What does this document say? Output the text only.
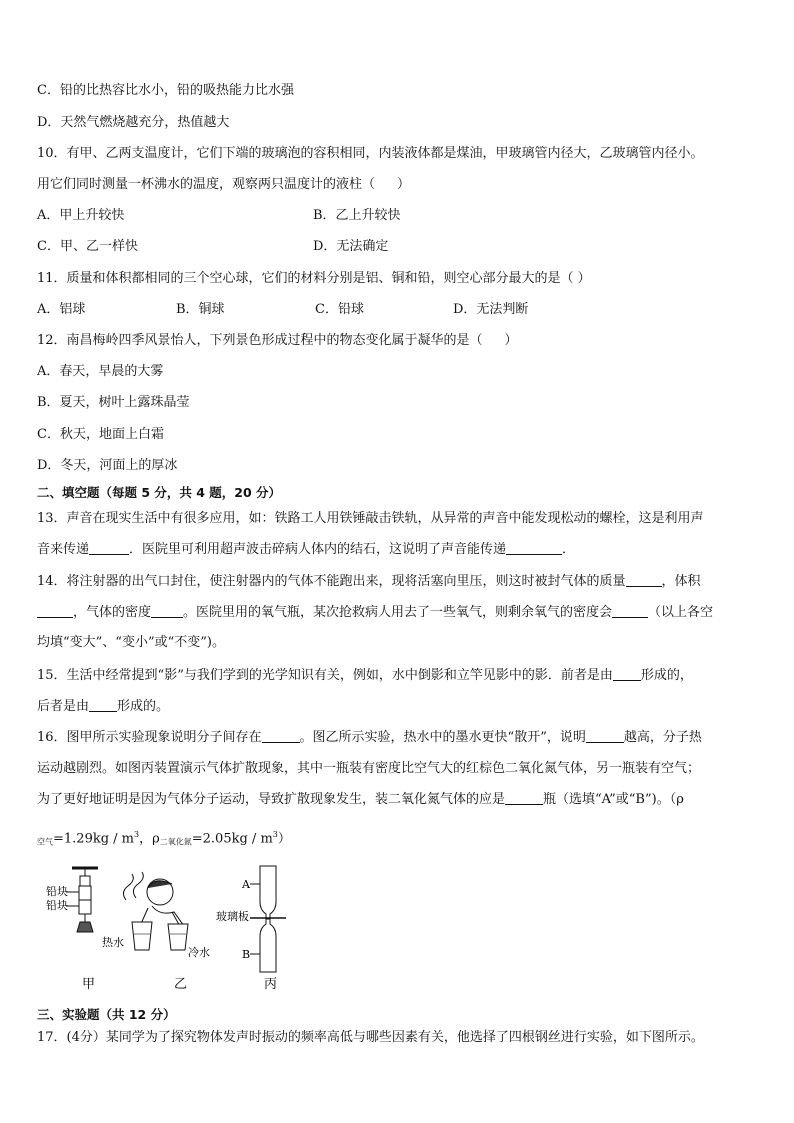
C．铅的比热容比水小，铅的吸热能力比水强
D．天然气燃烧越充分，热值越大
10．有甲、乙两支温度计，它们下端的玻璃泡的容积相同，内装液体都是煤油，甲玻璃管内径大，乙玻璃管内径小。
用它们同时测量一杯沸水的温度，观察两只温度计的液柱（ ）
A．甲上升较快	B．乙上升较快
C．甲、乙一样快	D．无法确定
11．质量和体积都相同的三个空心球，它们的材料分别是铝、铜和铅，则空心部分最大的是（ ）
A．铝球	B．铜球	C．铅球	D．无法判断
12．南昌梅岭四季风景怡人，下列景色形成过程中的物态变化属于凝华的是（ ）
A．春天，早晨的大雾
B．夏天，树叶上露珠晶莹
C．秋天，地面上白霜
D．冬天，河面上的厚冰
二、填空题（每题 5 分，共 4 题，20 分）
13．声音在现实生活中有很多应用，如：铁路工人用铁锤敲击铁轨，从异常的声音中能发现松动的螺栓，这是利用声
音来传递	．医院里可利用超声波击碎病人体内的结石，这说明了声音能传递	．
14．将注射器的出气口封住，使注射器内的气体不能跑出来，现将活塞向里压，则这时被封气体的质量	，体积
，气体的密度 。医院里用的氧气瓶，某次抢救病人用去了一些氧气，则剩余氧气的密度会	（以上各空
均填“变大”、“变小”或“不变”)。
15．生活中经常提到“影”与我们学到的光学知识有关，例如，水中倒影和立竿见影中的影．前者是由 形成的，
后者是由 形成的。
16．图甲所示实验现象说明分子间存在	。图乙所示实验，热水中的墨水更快“散开”，说明	越高，分子热
运动越剧烈。如图丙装置演示气体扩散现象，其中一瓶装有密度比空气大的红棕色二氧化氮气体，另一瓶装有空气；
为了更好地证明是因为气体分子运动，导致扩散现象发生，装二氧化氮气体的应是	瓶（选填“A”或“B”)。（ρ
$_{空气}=1.29kg / m^3$，$\rho_{二氧化氮}=2.05kg / m^3$）
铅块
铅块
热水
冷水
A
B
玻璃板
甲	乙	丙
三、实验题（共 12 分）
17．(4分）某同学为了探究物体发声时振动的频率高低与哪些因素有关，他选择了四根钢丝进行实验，如下图所示。
